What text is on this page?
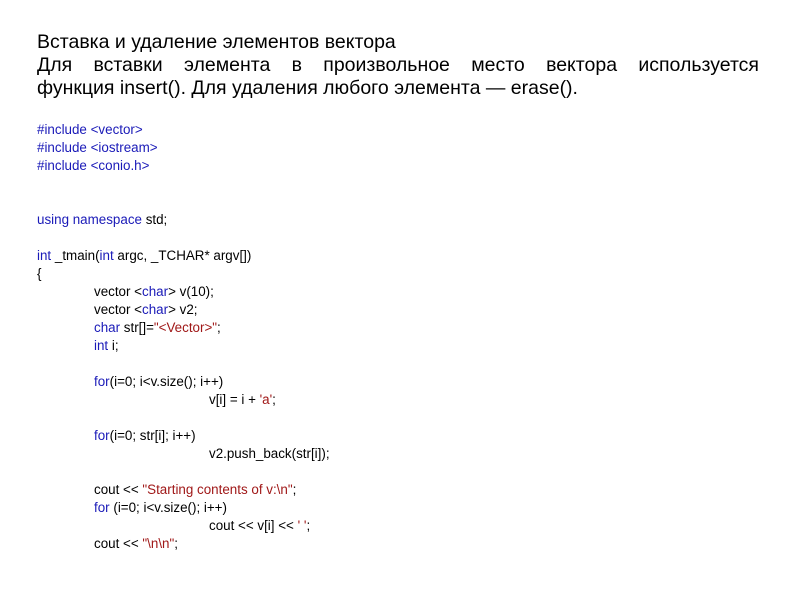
Вставка и удаление элементов вектора
Для вставки элемента в произвольное место вектора используется
функция insert(). Для удаления любого элемента — erase().
#include <vector>
#include <iostream>
#include <conio.h>
using namespace std;
int _tmain(int argc, _TCHAR* argv[])
{
vector <char> v(10);
vector <char> v2;
char str[]="<Vector>";
int i;
for(i=0; i<v.size(); i++)
v[i] = i + 'a';
for(i=0; str[i]; i++)
v2.push_back(str[i]);
cout << "Starting contents of v:\n";
for (i=0; i<v.size(); i++)
cout << v[i] << ' ';
cout << "\n\n";
